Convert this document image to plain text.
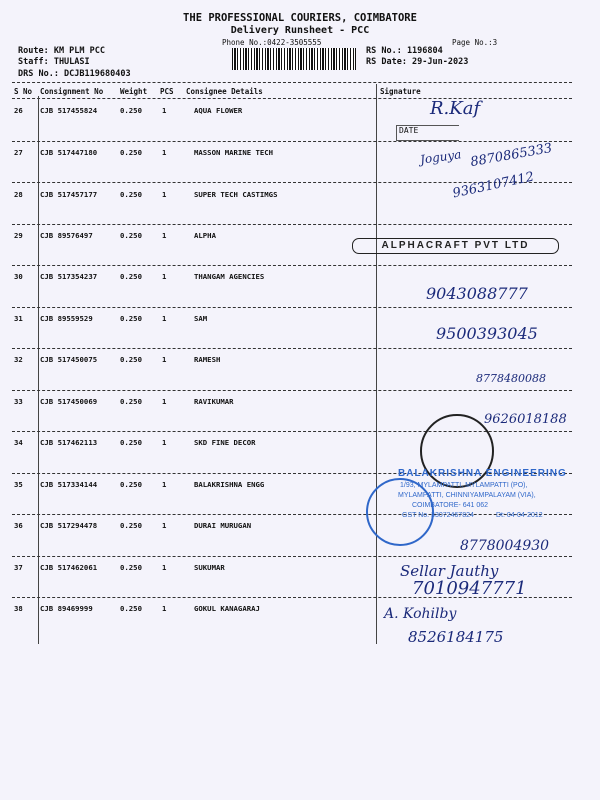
THE PROFESSIONAL COURIERS, COIMBATORE
Delivery Runsheet - PCC
Phone No.:0422-3505555	Page No.:3
Route: KM PLM PCC
Staff: THULASI
DRS No.: DCJB119680403
RS No.: 1196804
RS Date: 29-Jun-2023
S No Consignment No Weight PCS Consignee Details	Signature
26 CJB 517455824	0.250	1	AQUA FLOWER
27 CJB 517447180	0.250	1	MASSON MARINE TECH
28 CJB 517457177	0.250	1	SUPER TECH CASTIMGS
29 CJB 89576497	0.250	1	ALPHA
30 CJB 517354237	0.250	1	THANGAM AGENCIES
31 CJB 89559529	0.250	1	SAM
32 CJB 517450075	0.250	1	RAMESH
33 CJB 517450069	0.250	1	RAVIKUMAR
34 CJB 517462113	0.250	1	SKD FINE DECOR
35 CJB 517334144	0.250	1	BALAKRISHNA ENGG
36 CJB 517294478	0.250	1	DURAI MURUGAN
37 CJB 517462061	0.250	1	SUKUMAR
38 CJB 89469999	0.250	1	GOKUL KANAGARAJ
DATE
R.Kaf
Joguya 8870865333
9363107412
ALPHACRAFT PVT LTD
9043088777
9500393045
8778480088
9626018188
BALAKRISHNA ENGINEERING
1/93, MYLAMPATTI, MYLAMPATTI (PO),
MYLAMPATTI, CHINNIYAMPALAYAM (VIA),
COIMBATORE- 641 062
GST No. 33072467824	Dt: 04-04-2012
8778004930
Sellar Jauthy
7010947771
A. Kohilby
8526184175
